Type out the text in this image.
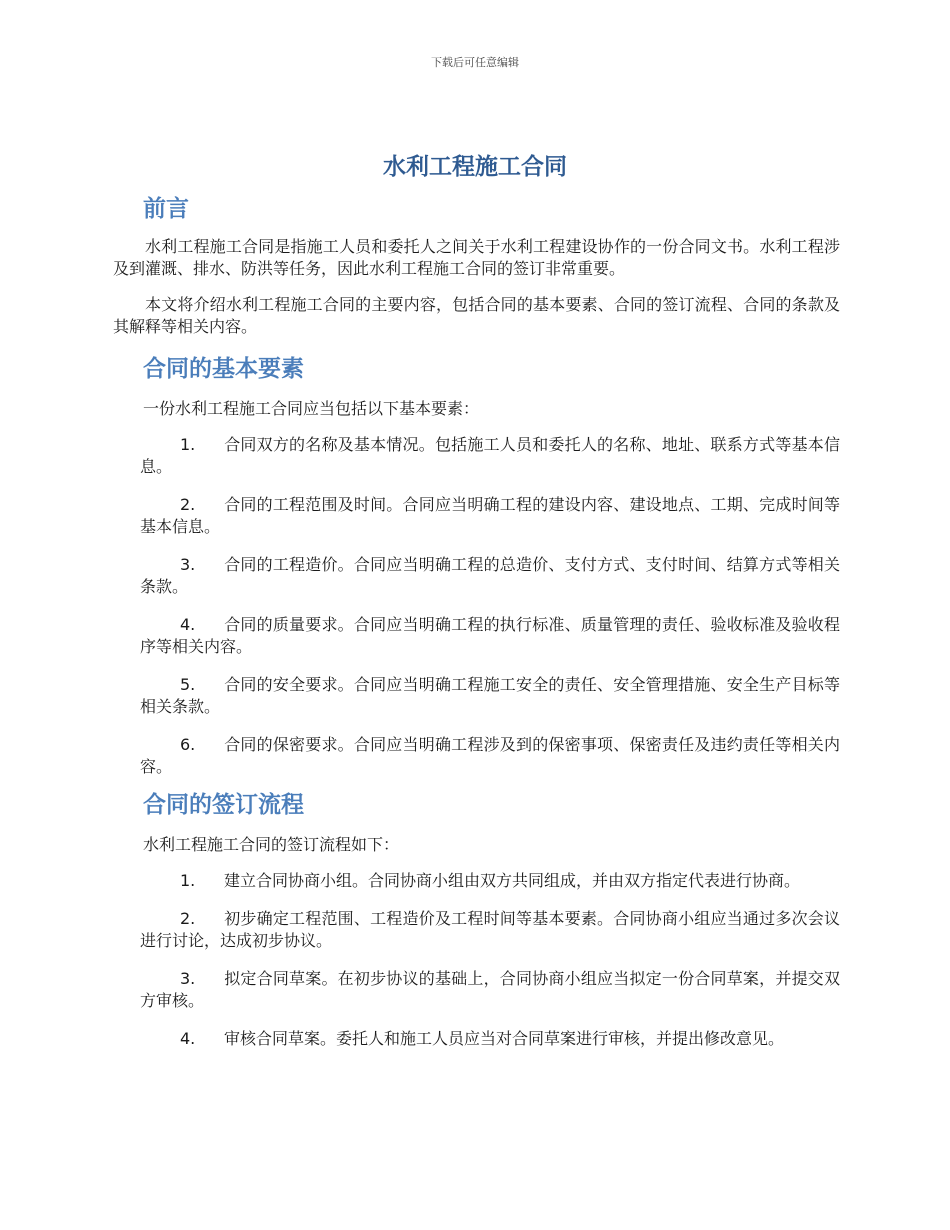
下载后可任意编辑
水利工程施工合同
前言

水利工程施工合同是指施工人员和委托人之间关于水利工程建设协作的一份合同文书。水利工程涉及到灌溉、排水、防洪等任务，因此水利工程施工合同的签订非常重要。

本文将介绍水利工程施工合同的主要内容，包括合同的基本要素、合同的签订流程、合同的条款及其解释等相关内容。

合同的基本要素

一份水利工程施工合同应当包括以下基本要素：

1. 合同双方的名称及基本情况。包括施工人员和委托人的名称、地址、联系方式等基本信息。
2. 合同的工程范围及时间。合同应当明确工程的建设内容、建设地点、工期、完成时间等基本信息。
3. 合同的工程造价。合同应当明确工程的总造价、支付方式、支付时间、结算方式等相关条款。
4. 合同的质量要求。合同应当明确工程的执行标准、质量管理的责任、验收标准及验收程序等相关内容。
5. 合同的安全要求。合同应当明确工程施工安全的责任、安全管理措施、安全生产目标等相关条款。
6. 合同的保密要求。合同应当明确工程涉及到的保密事项、保密责任及违约责任等相关内容。
合同的签订流程

水利工程施工合同的签订流程如下：

1. 建立合同协商小组。合同协商小组由双方共同组成，并由双方指定代表进行协商。
2. 初步确定工程范围、工程造价及工程时间等基本要素。合同协商小组应当通过多次会议进行讨论，达成初步协议。
3. 拟定合同草案。在初步协议的基础上，合同协商小组应当拟定一份合同草案，并提交双方审核。
4. 审核合同草案。委托人和施工人员应当对合同草案进行审核，并提出修改意见。
